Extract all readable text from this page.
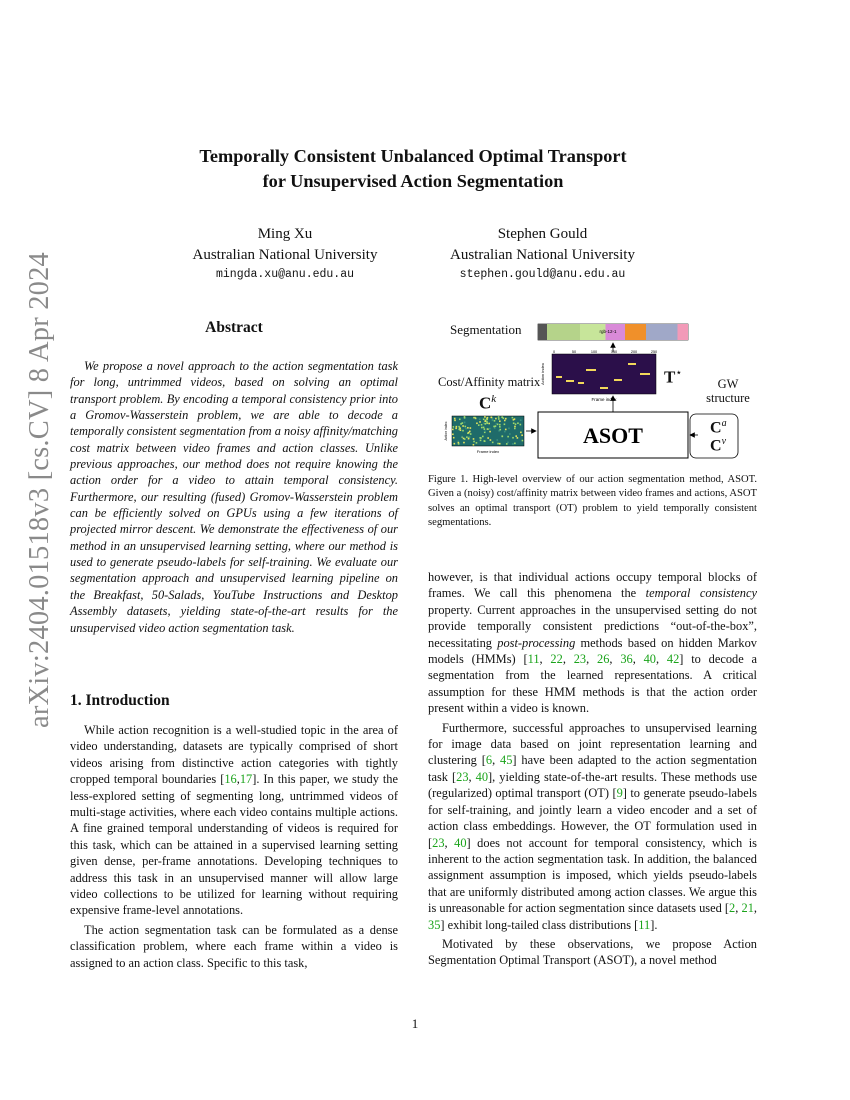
arXiv:2404.01518v3 [cs.CV] 8 Apr 2024
Temporally Consistent Unbalanced Optimal Transport
for Unsupervised Action Segmentation
Ming Xu
Australian National University
mingda.xu@anu.edu.au
Stephen Gould
Australian National University
stephen.gould@anu.edu.au
Abstract

We propose a novel approach to the action segmentation task for long, untrimmed videos, based on solving an optimal transport problem. By encoding a temporal consistency prior into a Gromov-Wasserstein problem, we are able to decode a temporally consistent segmentation from a noisy affinity/matching cost matrix between video frames and action classes. Unlike previous approaches, our method does not require knowing the action order for a video to attain temporal consistency. Furthermore, our resulting (fused) Gromov-Wasserstein problem can be efficiently solved on GPUs using a few iterations of projected mirror descent. We demonstrate the effectiveness of our method in an unsupervised learning setting, where our method is used to generate pseudo-labels for self-training. We evaluate our segmentation approach and unsupervised learning pipeline on the Breakfast, 50-Salads, YouTube Instructions and Desktop Assembly datasets, yielding state-of-the-art results for the unsupervised video action segmentation task.

1. Introduction

While action recognition is a well-studied topic in the area of video understanding, datasets are typically comprised of short videos arising from distinctive action categories with tightly cropped temporal boundaries [16,17]. In this paper, we study the less-explored setting of segmenting long, untrimmed videos of multi-stage activities, where each video contains multiple actions. A fine grained temporal understanding of videos is required for this task, which can be attained in a supervised learning setting given dense, per-frame annotations. Developing techniques to address this task in an unsupervised manner will allow large video collections to be utilized for learning without requiring expensive frame-level annotations.

The action segmentation task can be formulated as a dense classification problem, where each frame within a video is assigned to an action class. Specific to this task,

however, is that individual actions occupy temporal blocks of frames. We call this phenomena the temporal consistency property. Current approaches in the unsupervised setting do not provide temporally consistent predictions “out-of-the-box”, necessitating post-processing methods based on hidden Markov models (HMMs) [11, 22, 23, 26, 36, 40, 42] to decode a segmentation from the learned representations. A critical assumption for these HMM methods is that the action order present within a video is known.

Furthermore, successful approaches to unsupervised learning for image data based on joint representation learning and clustering [6, 45] have been adapted to the action segmentation task [23, 40], yielding state-of-the-art results. These methods use (regularized) optimal transport (OT) [9] to generate pseudo-labels for self-training, and jointly learn a video encoder and a set of action class embeddings. However, the OT formulation used in [23, 40] does not account for temporal consistency, which is inherent to the action segmentation task. In addition, the balanced assignment assumption is imposed, which yields pseudo-labels that are uniformly distributed among action classes. We argue this is unreasonable for action segmentation since datasets used [2, 21, 35] exhibit long-tailed class distributions [11].

Motivated by these observations, we propose Action Segmentation Optimal Transport (ASOT), a novel method

Segmentation
Cost/Affinity matrix
$C^k$
T⋆
GW
structure
rgb-12-1
0	50	100	150	200	250
Frame index
Action index
Frame index
Action index	ASOT	$C^a$
$C^v$
Figure 1. High-level overview of our action segmentation method, ASOT. Given a (noisy) cost/affinity matrix between video frames and actions, ASOT solves an optimal transport (OT) problem to yield temporally consistent segmentations.
1
